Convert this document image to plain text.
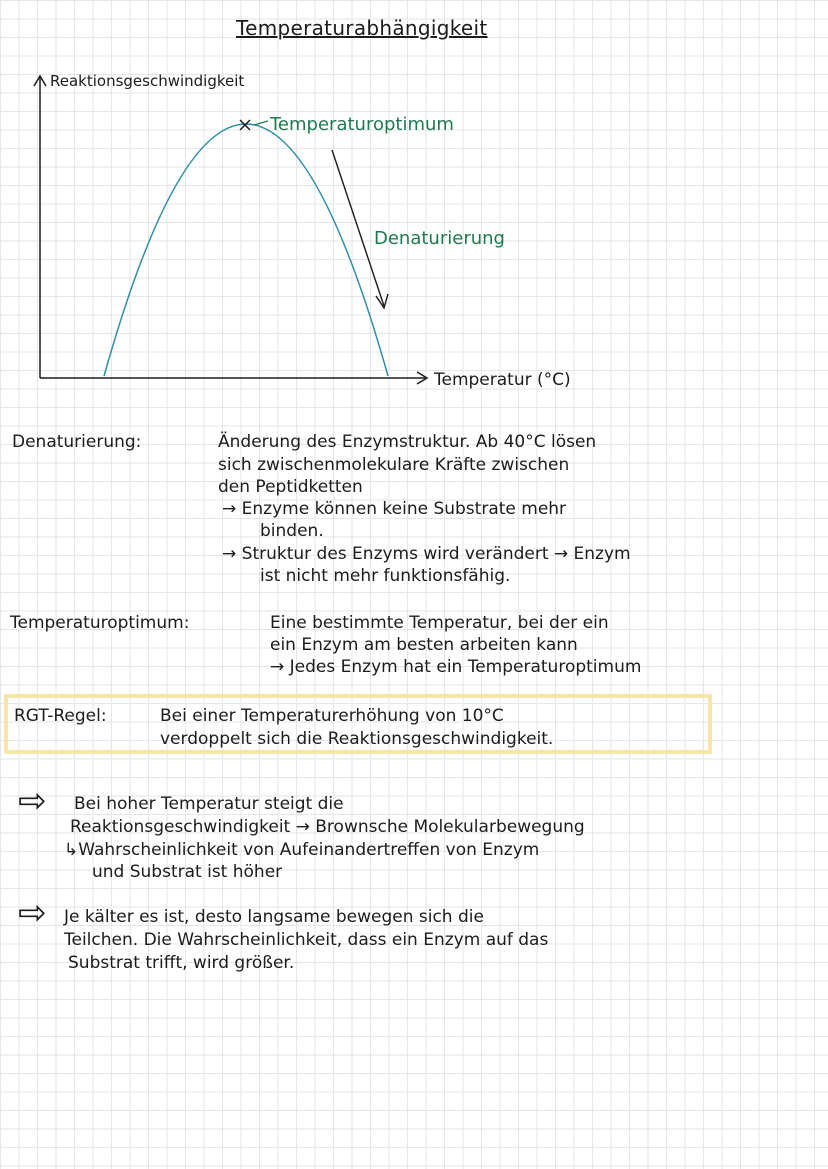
Temperaturabhängigkeit
Reaktionsgeschwindigkeit
Temperaturoptimum
Denaturierung
Temperatur (°C)
Denaturierung:	Änderung des Enzymstruktur. Ab 40°C lösen
sich zwischenmolekulare Kräfte zwischen
den Peptidketten
→ Enzyme können keine Substrate mehr
binden.
→ Struktur des Enzyms wird verändert → Enzym
ist nicht mehr funktionsfähig.
Temperaturoptimum:	Eine bestimmte Temperatur, bei der ein
ein Enzym am besten arbeiten kann
→ Jedes Enzym hat ein Temperaturoptimum
RGT-Regel:	Bei einer Temperaturerhöhung von 10°C
verdoppelt sich die Reaktionsgeschwindigkeit.
⇨ Bei hoher Temperatur steigt die
Reaktionsgeschwindigkeit → Brownsche Molekularbewegung
↳Wahrscheinlichkeit von Aufeinandertreffen von Enzym
und Substrat ist höher
⇨ Je kälter es ist, desto langsame bewegen sich die
Teilchen. Die Wahrscheinlichkeit, dass ein Enzym auf das
Substrat trifft, wird größer.
